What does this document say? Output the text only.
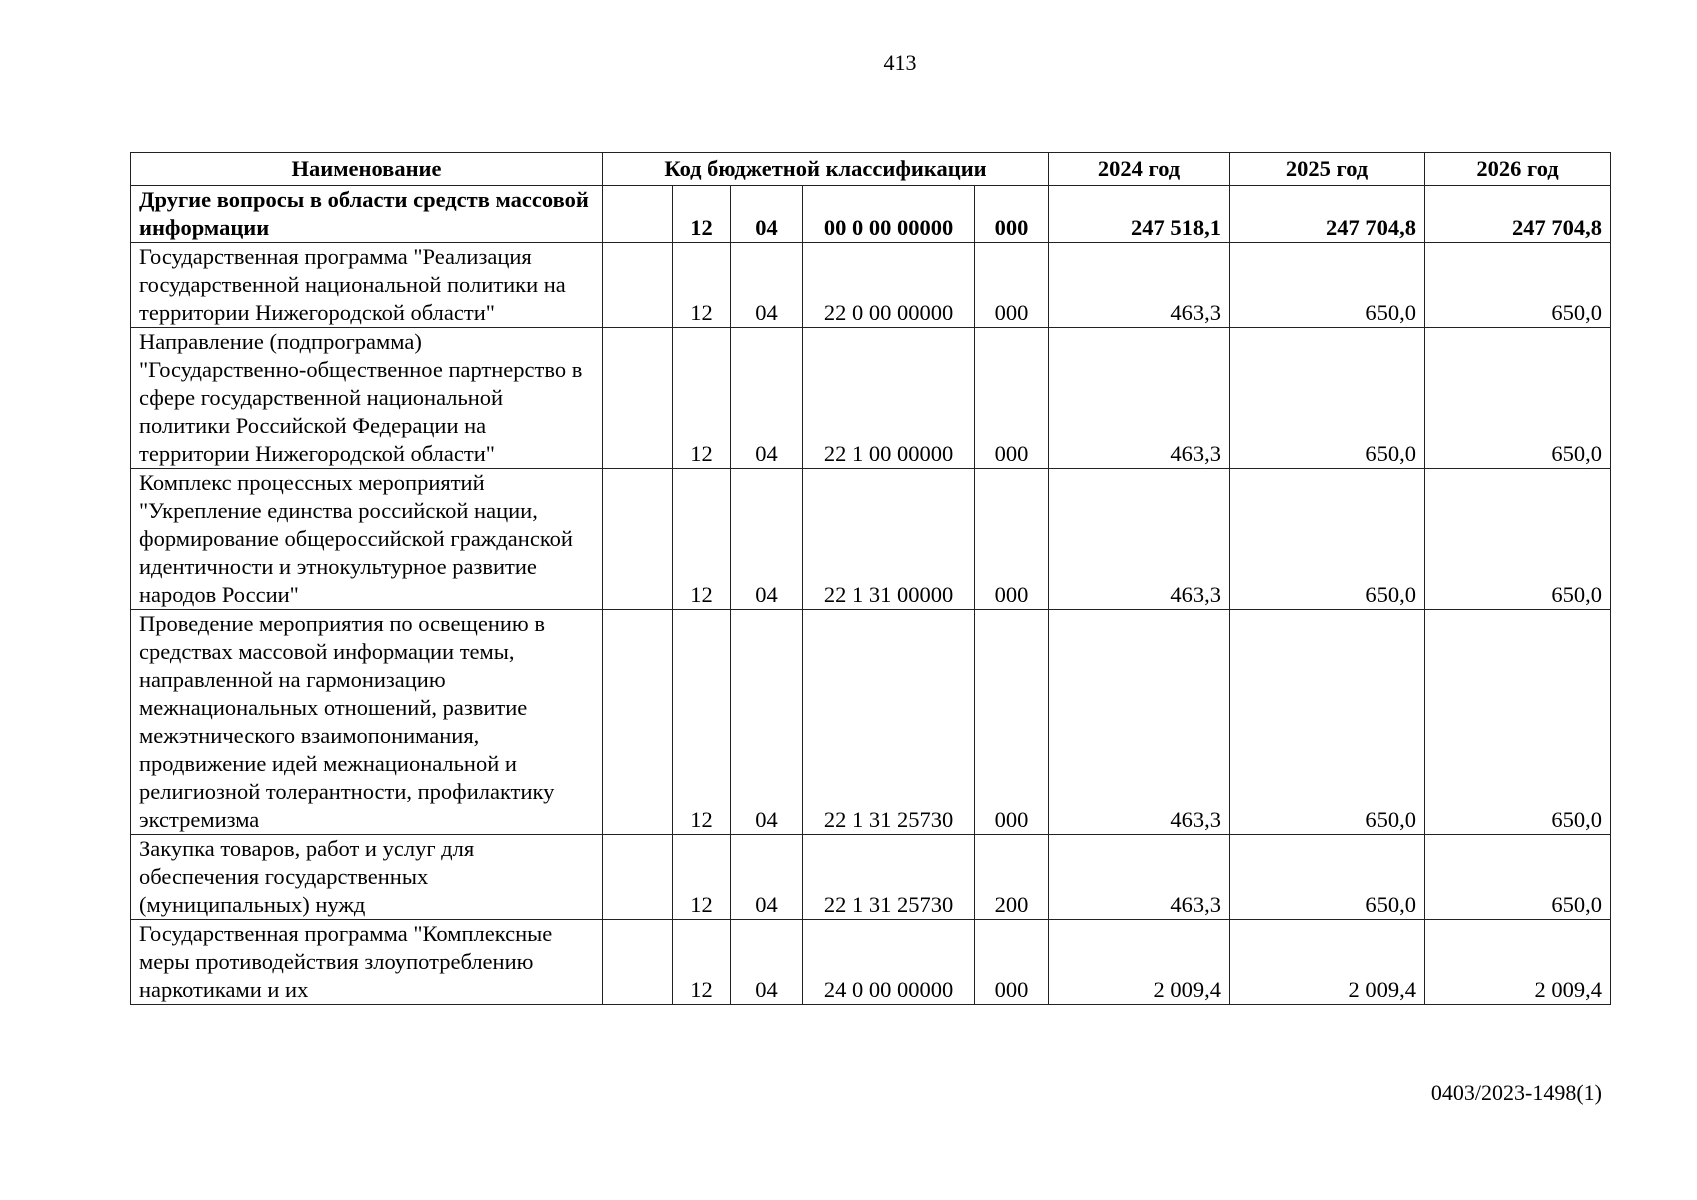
413
Наименование	Код бюджетной классификации					2024 год	2025 год	2026 год
Другие вопросы в области средств массовой информации		12	04	00 0 00 00000	000	247 518,1	247 704,8	247 704,8
Государственная программа "Реализация государственной национальной политики на территории Нижегородской области"		12	04	22 0 00 00000	000	463,3	650,0	650,0
Направление (подпрограмма) "Государственно-общественное партнерство в сфере государственной национальной политики Российской Федерации на территории Нижегородской области"		12	04	22 1 00 00000	000	463,3	650,0	650,0
Комплекс процессных мероприятий "Укрепление единства российской нации, формирование общероссийской гражданской идентичности и этнокультурное развитие народов России"		12	04	22 1 31 00000	000	463,3	650,0	650,0
Проведение мероприятия по освещению в средствах массовой информации темы, направленной на гармонизацию межнациональных отношений, развитие межэтнического взаимопонимания, продвижение идей межнациональной и религиозной толерантности, профилактику экстремизма		12	04	22 1 31 25730	000	463,3	650,0	650,0
Закупка товаров, работ и услуг для обеспечения государственных (муниципальных) нужд		12	04	22 1 31 25730	200	463,3	650,0	650,0
Государственная программа "Комплексные меры противодействия злоупотреблению наркотиками и их		12	04	24 0 00 00000	000	2 009,4	2 009,4	2 009,4
0403/2023-1498(1)
